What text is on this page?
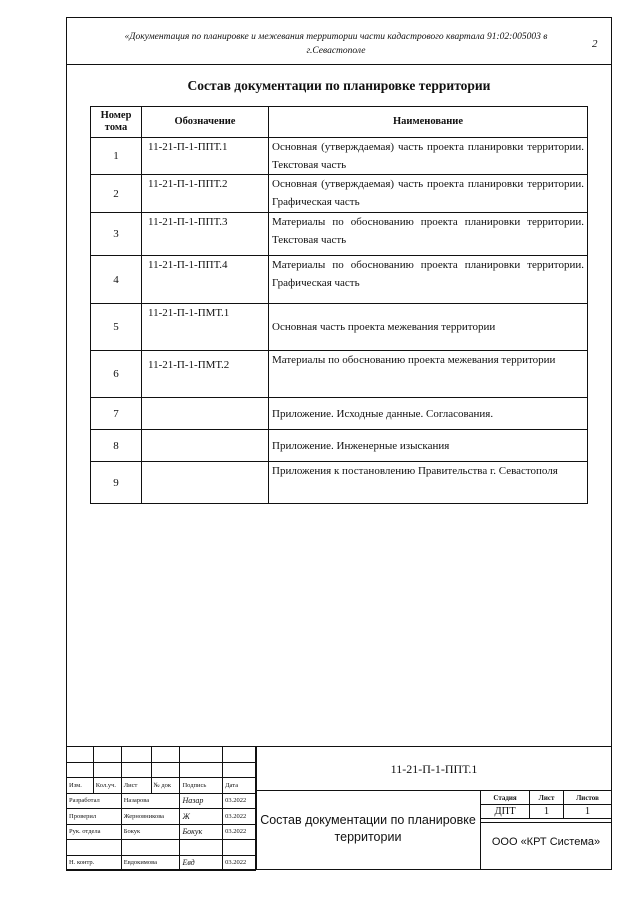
«Документация по планировке и межевания территории части кадастрового квартала 91:02:005003 в
г.Севастополе
2
Состав документации по планировке территории
Номер тома	Обозначение	Наименование
1	11-21-П-1-ППТ.1	Основная (утверждаемая) часть проекта планировки территории. Текстовая часть
2	11-21-П-1-ППТ.2	Основная (утверждаемая) часть проекта планировки территории. Графическая часть
3	11-21-П-1-ППТ.3	Материалы по обоснованию проекта планировки территории. Текстовая часть
4	11-21-П-1-ППТ.4	Материалы по обоснованию проекта планировки территории. Графическая часть
5	11-21-П-1-ПМТ.1	Основная часть проекта межевания территории
6	11-21-П-1-ПМТ.2	Материалы по обоснованию проекта межевания территории
7		Приложение. Исходные данные. Согласования.
8		Приложение. Инженерные изыскания
9		Приложения к постановлению Правительства г. Севастополя

Изм.	Кол.уч.	Лист	№ док	Подпись	Дата
Разработал		Назарова		Назар	03.2022
Проверил		Жерновникова		Ж	03.2022
Рук. отдела		Бокук		Бокук	03.2022

Н. контр.		Евдокимова		Евд	03.2022
11-21-П-1-ППТ.1
Состав документации по планировке территории
Стадия	Лист	Листов
ДПТ	1	1
ООО «КРТ Система»
